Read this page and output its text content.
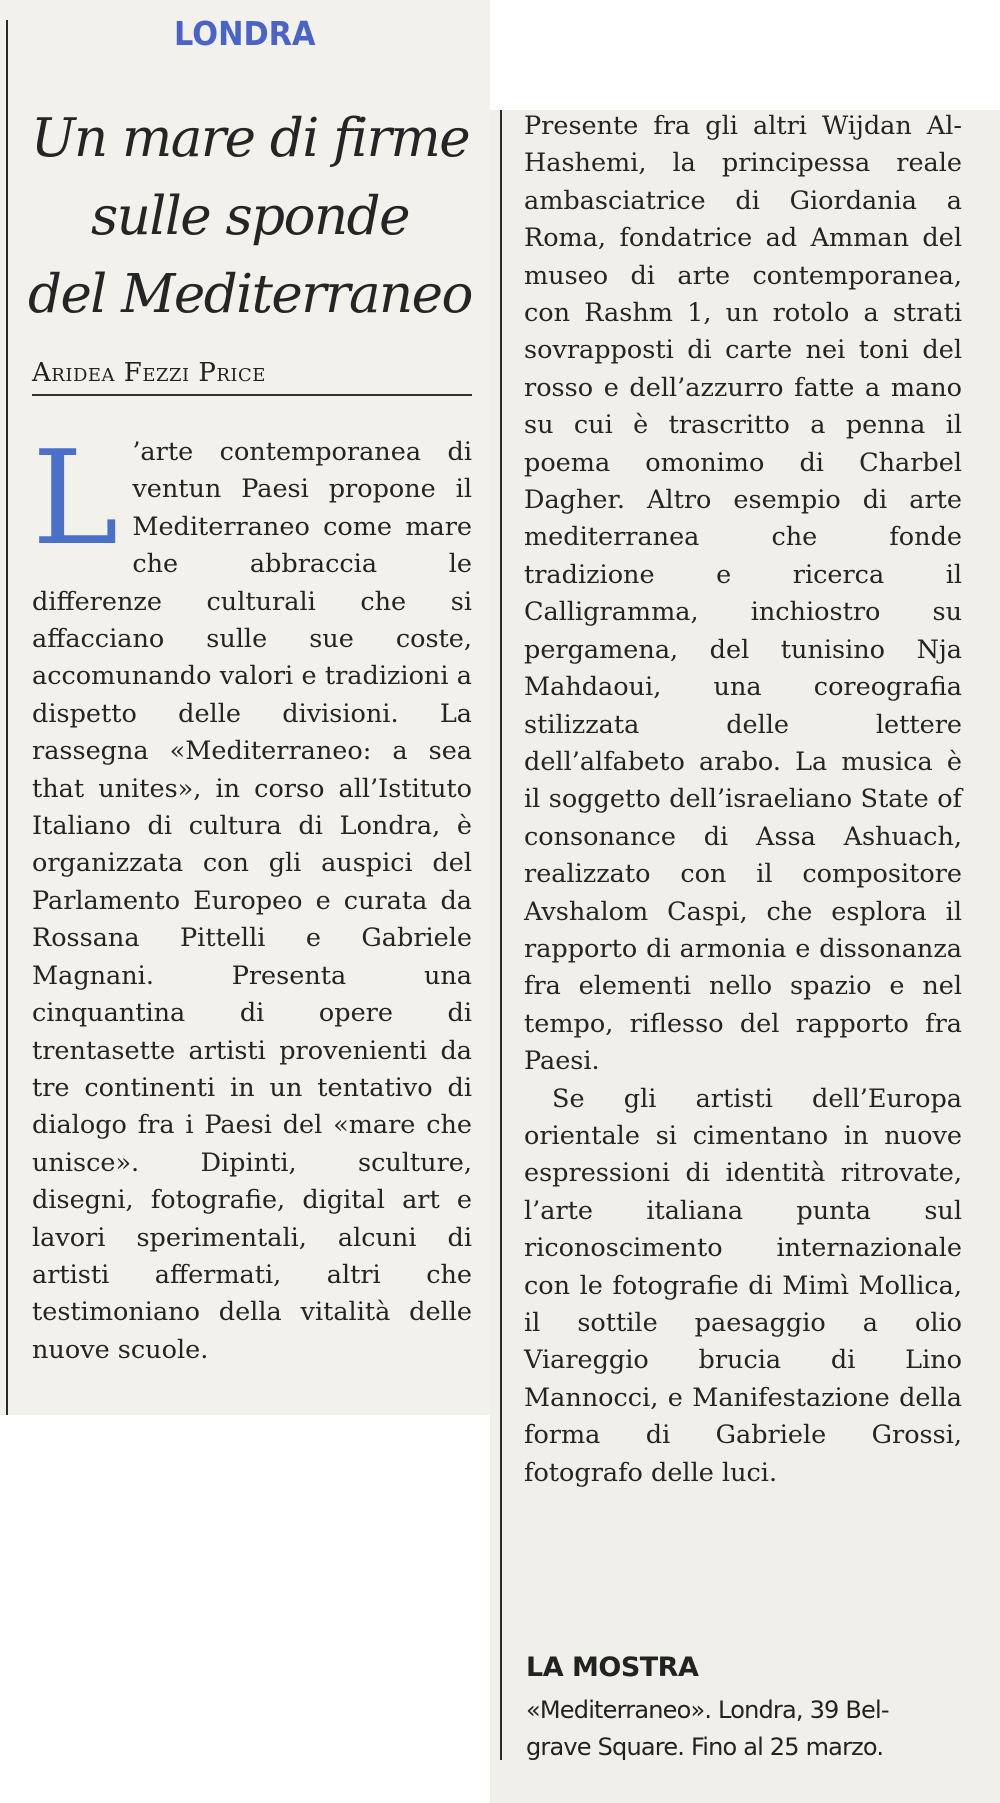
LONDRA
Un mare di firme
sulle sponde
del Mediterraneo
Aridea Fezzi Price

L ’arte contemporanea di ventun Paesi propone il Mediterraneo come mare che abbraccia le differenze culturali che si affacciano sulle sue coste, accomunando valori e tradizioni a dispetto delle divisioni. La rassegna «Mediterraneo: a sea that unites», in corso all’Istituto Italiano di cultura di Londra, è organizzata con gli auspici del Parlamento Europeo e curata da Rossana Pittelli e Gabriele Magnani. Presenta una cinquantina di opere di trentasette artisti provenienti da tre continenti in un tentativo di dialogo fra i Paesi del «mare che unisce». Dipinti, sculture, disegni, fotografie, digital art e lavori sperimentali, alcuni di artisti affermati, altri che testimoniano della vitalità delle nuove scuole.

Presente fra gli altri Wijdan Al-Hashemi, la principessa reale ambasciatrice di Giordania a Roma, fondatrice ad Amman del museo di arte contemporanea, con Rashm 1, un rotolo a strati sovrapposti di carte nei toni del rosso e dell’azzurro fatte a mano su cui è trascritto a penna il poema omonimo di Charbel Dagher. Altro esempio di arte mediterranea che fonde tradizione e ricerca il Calligramma, inchiostro su pergamena, del tunisino Nja Mahdaoui, una coreografia stilizzata delle lettere dell’alfabeto arabo. La musica è il soggetto dell’israeliano State of consonance di Assa Ashuach, realizzato con il compositore Avshalom Caspi, che esplora il rapporto di armonia e dissonanza fra elementi nello spazio e nel tempo, riflesso del rapporto fra Paesi.

Se gli artisti dell’Europa orientale si cimentano in nuove espressioni di identità ritrovate, l’arte italiana punta sul riconoscimento internazionale con le fotografie di Mimì Mollica, il sottile paesaggio a olio Viareggio brucia di Lino Mannocci, e Manifestazione della forma di Gabriele Grossi, fotografo delle luci.

LA MOSTRA
«Mediterraneo». Londra, 39 Bel-
grave Square. Fino al 25 marzo.
